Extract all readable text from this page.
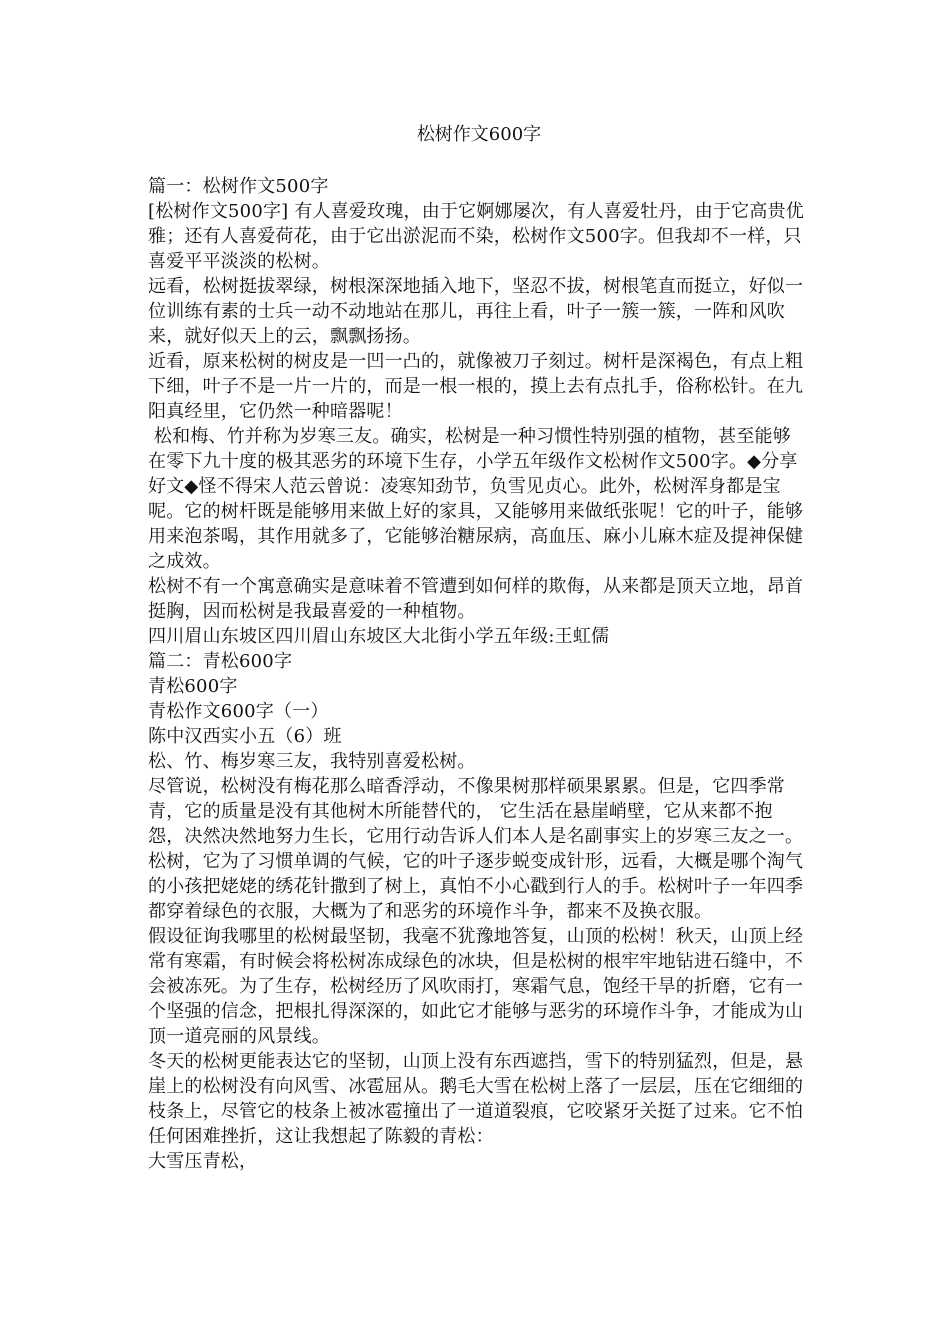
松树作文600字

篇一：松树作文500字

[松树作文500字] 有人喜爱玫瑰，由于它婀娜屡次，有人喜爱牡丹，由于它高贵优雅；还有人喜爱荷花，由于它出淤泥而不染，松树作文500字。但我却不一样，只喜爱平平淡淡的松树。

远看，松树挺拔翠绿，树根深深地插入地下，坚忍不拔，树根笔直而挺立，好似一位训练有素的士兵一动不动地站在那儿，再往上看，叶子一簇一簇，一阵和风吹来，就好似天上的云，飘飘扬扬。

近看，原来松树的树皮是一凹一凸的，就像被刀子刻过。树杆是深褐色，有点上粗下细，叶子不是一片一片的，而是一根一根的，摸上去有点扎手，俗称松针。在九阳真经里，它仍然一种暗器呢！

松和梅、竹并称为岁寒三友。确实，松树是一种习惯性特别强的植物，甚至能够在零下九十度的极其恶劣的环境下生存，小学五年级作文松树作文500字。◆分享好文◆怪不得宋人范云曾说：凌寒知劲节，负雪见贞心。此外，松树浑身都是宝呢。它的树杆既是能够用来做上好的家具，又能够用来做纸张呢！它的叶子，能够用来泡茶喝，其作用就多了，它能够治糖尿病，高血压、麻小儿麻木症及提神保健之成效。

松树不有一个寓意确实是意味着不管遭到如何样的欺侮，从来都是顶天立地，昂首挺胸，因而松树是我最喜爱的一种植物。

四川眉山东坡区四川眉山东坡区大北街小学五年级:王虹儒

篇二：青松600字

青松600字

青松作文600字（一）

陈中汉西实小五（6）班

松、竹、梅岁寒三友，我特别喜爱松树。

尽管说，松树没有梅花那么暗香浮动，不像果树那样硕果累累。但是，它四季常青，它的质量是没有其他树木所能替代的， 它生活在悬崖峭壁，它从来都不抱怨，决然决然地努力生长，它用行动告诉人们本人是名副事实上的岁寒三友之一。

松树，它为了习惯单调的气候，它的叶子逐步蜕变成针形，远看，大概是哪个淘气的小孩把姥姥的绣花针撒到了树上，真怕不小心戳到行人的手。松树叶子一年四季都穿着绿色的衣服，大概为了和恶劣的环境作斗争，都来不及换衣服。

假设征询我哪里的松树最坚韧，我毫不犹豫地答复，山顶的松树！秋天，山顶上经常有寒霜，有时候会将松树冻成绿色的冰块，但是松树的根牢牢地钻进石缝中，不会被冻死。为了生存，松树经历了风吹雨打，寒霜气息，饱经干旱的折磨，它有一个坚强的信念，把根扎得深深的，如此它才能够与恶劣的环境作斗争，才能成为山顶一道亮丽的风景线。

冬天的松树更能表达它的坚韧，山顶上没有东西遮挡，雪下的特别猛烈，但是，悬崖上的松树没有向风雪、冰雹屈从。鹅毛大雪在松树上落了一层层，压在它细细的枝条上，尽管它的枝条上被冰雹撞出了一道道裂痕，它咬紧牙关挺了过来。它不怕任何困难挫折，这让我想起了陈毅的青松：

大雪压青松，
